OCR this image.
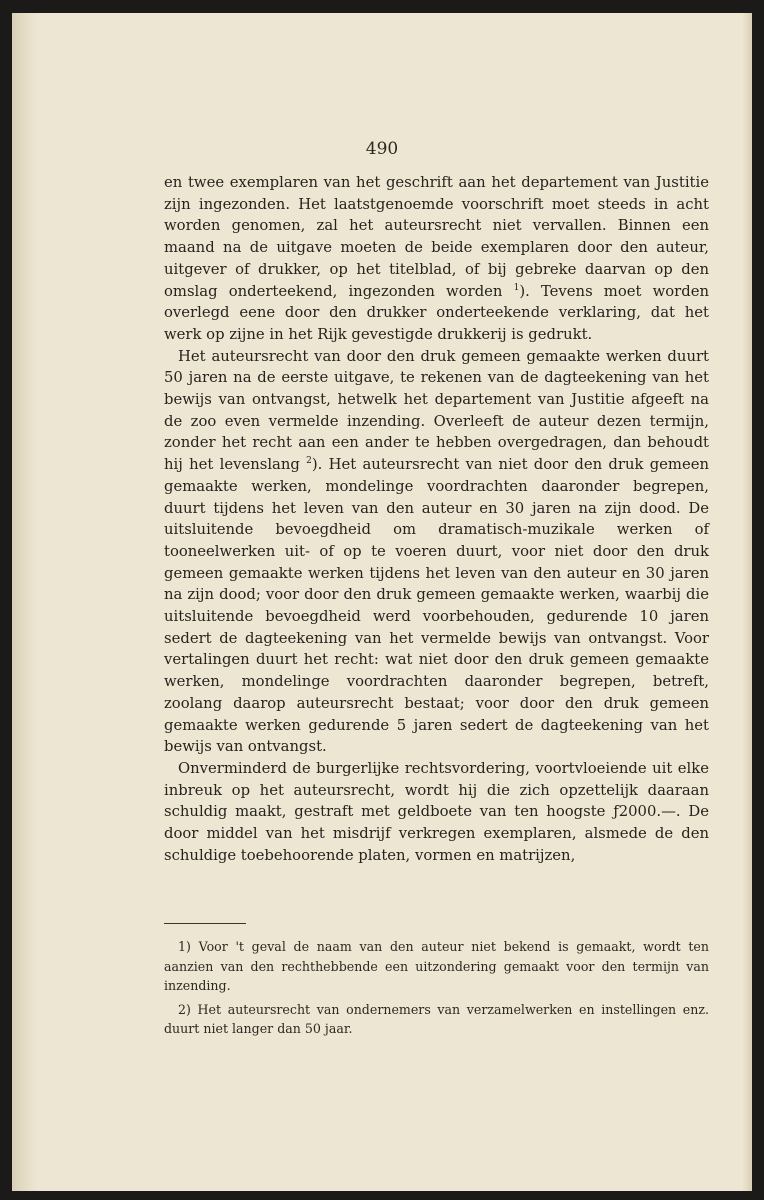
490

en twee exemplaren van het geschrift aan het departement van Justitie zijn ingezonden. Het laatstgenoemde voorschrift moet steeds in acht worden genomen, zal het auteursrecht niet vervallen. Binnen een maand na de uitgave moeten de beide exemplaren door den auteur, uitgever of drukker, op het titelblad, of bij gebreke daarvan op den omslag onderteekend, ingezonden worden $^1$). Tevens moet worden overlegd eene door den drukker onderteekende verklaring, dat het werk op zijne in het Rijk gevestigde drukkerij is gedrukt.

Het auteursrecht van door den druk gemeen gemaakte werken duurt 50 jaren na de eerste uitgave, te rekenen van de dagteekening van het bewijs van ontvangst, hetwelk het departement van Justitie afgeeft na de zoo even vermelde inzending. Overleeft de auteur dezen termijn, zonder het recht aan een ander te hebben overgedragen, dan behoudt hij het levenslang $^2$). Het auteursrecht van niet door den druk gemeen gemaakte werken, mondelinge voordrachten daaronder begrepen, duurt tijdens het leven van den auteur en 30 jaren na zijn dood. De uitsluitende bevoegdheid om dramatisch-muzikale werken of tooneelwerken uit- of op te voeren duurt, voor niet door den druk gemeen gemaakte werken tijdens het leven van den auteur en 30 jaren na zijn dood; voor door den druk gemeen gemaakte werken, waarbij die uitsluitende bevoegdheid werd voorbehouden, gedurende 10 jaren sedert de dagteekening van het vermelde bewijs van ontvangst. Voor vertalingen duurt het recht: wat niet door den druk gemeen gemaakte werken, mondelinge voordrachten daaronder begrepen, betreft, zoolang daarop auteursrecht bestaat; voor door den druk gemeen gemaakte werken gedurende 5 jaren sedert de dagteekening van het bewijs van ontvangst.

Onverminderd de burgerlijke rechtsvordering, voortvloeiende uit elke inbreuk op het auteursrecht, wordt hij die zich opzettelijk daaraan schuldig maakt, gestraft met geldboete van ten hoogste ƒ2000.—. De door middel van het misdrijf verkregen exemplaren, alsmede de den schuldige toebehoorende platen, vormen en matrijzen,

1) Voor 't geval de naam van den auteur niet bekend is gemaakt, wordt ten aanzien van den rechthebbende een uitzondering gemaakt voor den termijn van inzending.

2) Het auteursrecht van ondernemers van verzamelwerken en instellingen enz. duurt niet langer dan 50 jaar.
